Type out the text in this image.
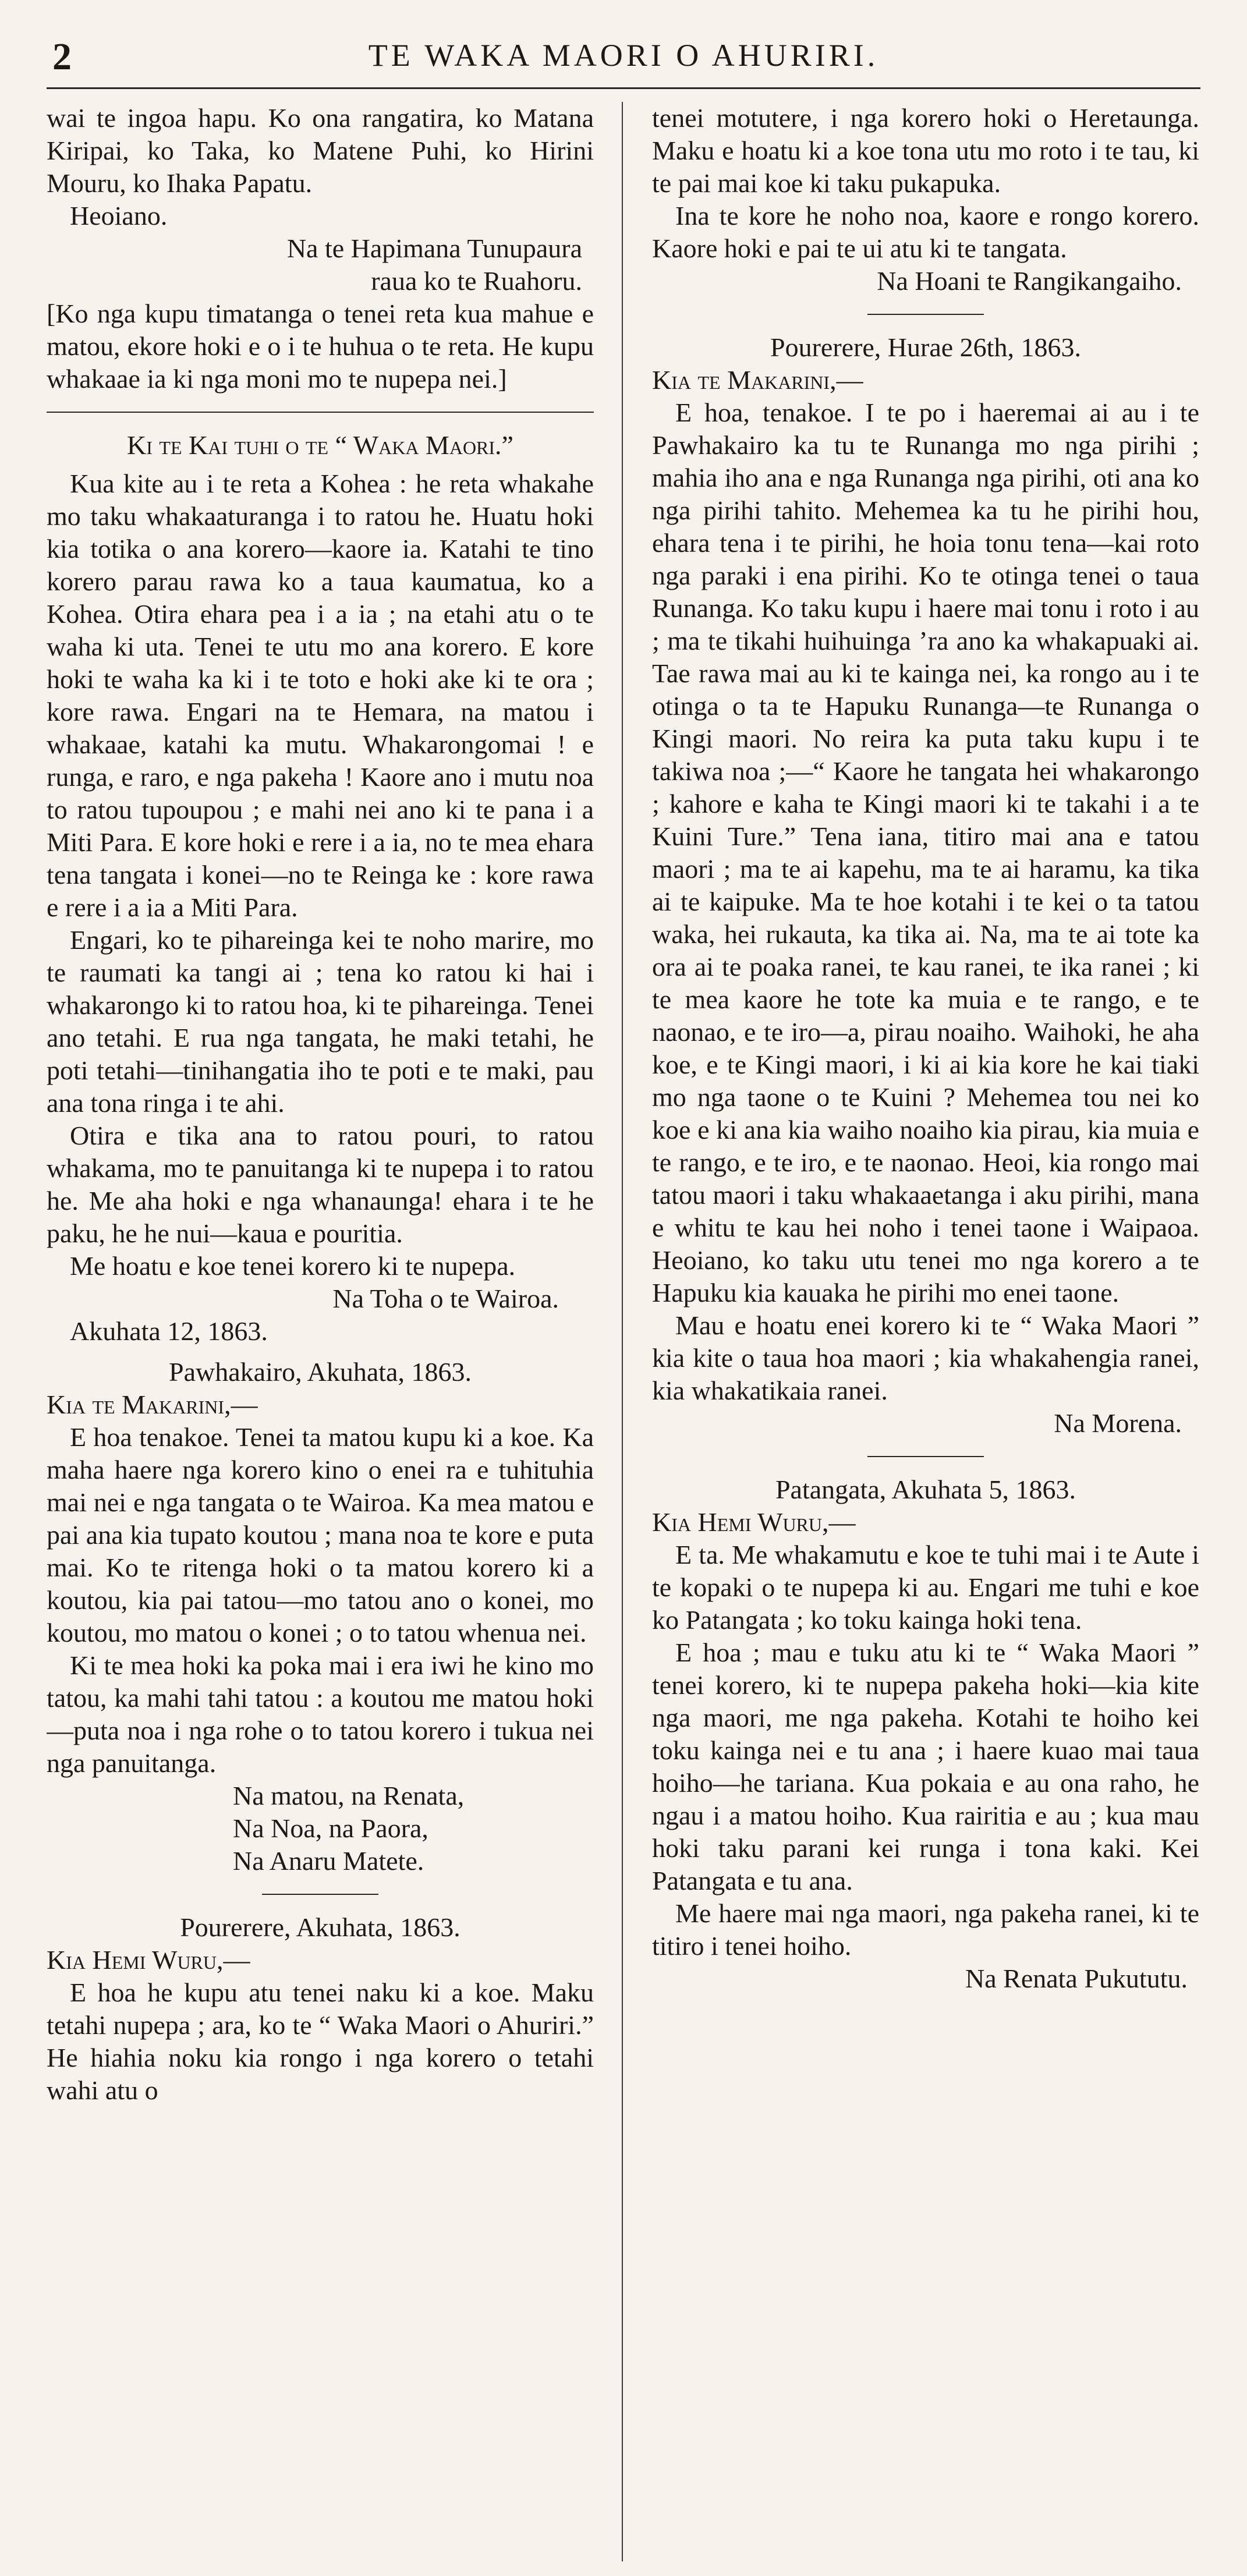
2	TE WAKA MAORI O AHURIRI.

wai te ingoa hapu. Ko ona rangatira, ko Matana Kiripai, ko Taka, ko Matene Puhi, ko Hirini Mouru, ko Ihaka Papatu.

Heoiano.

Na te Hapimana Tunupaura

raua ko te Ruahoru.

[Ko nga kupu timatanga o tenei reta kua mahue e matou, ekore hoki e o i te huhua o te reta. He kupu whakaae ia ki nga moni mo te nupepa nei.]

Ki te Kai tuhi o te “ Waka Maori.”

Kua kite au i te reta a Kohea : he reta whakahe mo taku whakaaturanga i to ratou he. Huatu hoki kia totika o ana korero—kaore ia. Katahi te tino korero parau rawa ko a taua kaumatua, ko a Kohea. Otira ehara pea i a ia ; na etahi atu o te waha ki uta. Tenei te utu mo ana korero. E kore hoki te waha ka ki i te toto e hoki ake ki te ora ; kore rawa. Engari na te Hemara, na matou i whakaae, katahi ka mutu. Whakarongomai ! e runga, e raro, e nga pakeha ! Kaore ano i mutu noa to ratou tupoupou ; e mahi nei ano ki te pana i a Miti Para. E kore hoki e rere i a ia, no te mea ehara tena tangata i konei—no te Reinga ke : kore rawa e rere i a ia a Miti Para.

Engari, ko te pihareinga kei te noho marire, mo te raumati ka tangi ai ; tena ko ratou ki hai i whakarongo ki to ratou hoa, ki te pihareinga. Tenei ano tetahi. E rua nga tangata, he maki tetahi, he poti tetahi—tinihangatia iho te poti e te maki, pau ana tona ringa i te ahi.

Otira e tika ana to ratou pouri, to ratou whakama, mo te panuitanga ki te nupepa i to ratou he. Me aha hoki e nga whanaunga! ehara i te he paku, he he nui—kaua e pouritia.

Me hoatu e koe tenei korero ki te nupepa.

Na Toha o te Wairoa.

Akuhata 12, 1863.

Pawhakairo, Akuhata, 1863.

Kia te Makarini,—

E hoa tenakoe. Tenei ta matou kupu ki a koe. Ka maha haere nga korero kino o enei ra e tuhituhia mai nei e nga tangata o te Wairoa. Ka mea matou e pai ana kia tupato koutou ; mana noa te kore e puta mai. Ko te ritenga hoki o ta matou korero ki a koutou, kia pai tatou—mo tatou ano o konei, mo koutou, mo matou o konei ; o to tatou whenua nei.

Ki te mea hoki ka poka mai i era iwi he kino mo tatou, ka mahi tahi tatou : a koutou me matou hoki—puta noa i nga rohe o to tatou korero i tukua nei nga panuitanga.

Na matou, na Renata,

Na Noa, na Paora,

Na Anaru Matete.

Pourerere, Akuhata, 1863.

Kia Hemi Wuru,—

E hoa he kupu atu tenei naku ki a koe. Maku tetahi nupepa ; ara, ko te “ Waka Maori o Ahuriri.” He hiahia noku kia rongo i nga korero o tetahi wahi atu o

tenei motutere, i nga korero hoki o Heretaunga. Maku e hoatu ki a koe tona utu mo roto i te tau, ki te pai mai koe ki taku pukapuka.

Ina te kore he noho noa, kaore e rongo korero. Kaore hoki e pai te ui atu ki te tangata.

Na Hoani te Rangikangaiho.

Pourerere, Hurae 26th, 1863.

Kia te Makarini,—

E hoa, tenakoe. I te po i haeremai ai au i te Pawhakairo ka tu te Runanga mo nga pirihi ; mahia iho ana e nga Runanga nga pirihi, oti ana ko nga pirihi tahito. Mehemea ka tu he pirihi hou, ehara tena i te pirihi, he hoia tonu tena—kai roto nga paraki i ena pirihi. Ko te otinga tenei o taua Runanga. Ko taku kupu i haere mai tonu i roto i au ; ma te tikahi huihuinga ’ra ano ka whakapuaki ai. Tae rawa mai au ki te kainga nei, ka rongo au i te otinga o ta te Hapuku Runanga—te Runanga o Kingi maori. No reira ka puta taku kupu i te takiwa noa ;—“ Kaore he tangata hei whakarongo ; kahore e kaha te Kingi maori ki te takahi i a te Kuini Ture.” Tena iana, titiro mai ana e tatou maori ; ma te ai kapehu, ma te ai haramu, ka tika ai te kaipuke. Ma te hoe kotahi i te kei o ta tatou waka, hei rukauta, ka tika ai. Na, ma te ai tote ka ora ai te poaka ranei, te kau ranei, te ika ranei ; ki te mea kaore he tote ka muia e te rango, e te naonao, e te iro—a, pirau noaiho. Waihoki, he aha koe, e te Kingi maori, i ki ai kia kore he kai tiaki mo nga taone o te Kuini ? Mehemea tou nei ko koe e ki ana kia waiho noaiho kia pirau, kia muia e te rango, e te iro, e te naonao. Heoi, kia rongo mai tatou maori i taku whakaaetanga i aku pirihi, mana e whitu te kau hei noho i tenei taone i Waipaoa. Heoiano, ko taku utu tenei mo nga korero a te Hapuku kia kauaka he pirihi mo enei taone.

Mau e hoatu enei korero ki te “ Waka Maori ” kia kite o taua hoa maori ; kia whakahengia ranei, kia whakatikaia ranei.

Na Morena.

Patangata, Akuhata 5, 1863.

Kia Hemi Wuru,—

E ta. Me whakamutu e koe te tuhi mai i te Aute i te kopaki o te nupepa ki au. Engari me tuhi e koe ko Patangata ; ko toku kainga hoki tena.

E hoa ; mau e tuku atu ki te “ Waka Maori ” tenei korero, ki te nupepa pakeha hoki—kia kite nga maori, me nga pakeha. Kotahi te hoiho kei toku kainga nei e tu ana ; i haere kuao mai taua hoiho—he tariana. Kua pokaia e au ona raho, he ngau i a matou hoiho. Kua rairitia e au ; kua mau hoki taku parani kei runga i tona kaki. Kei Patangata e tu ana.

Me haere mai nga maori, nga pakeha ranei, ki te titiro i tenei hoiho.

Na Renata Pukututu.
